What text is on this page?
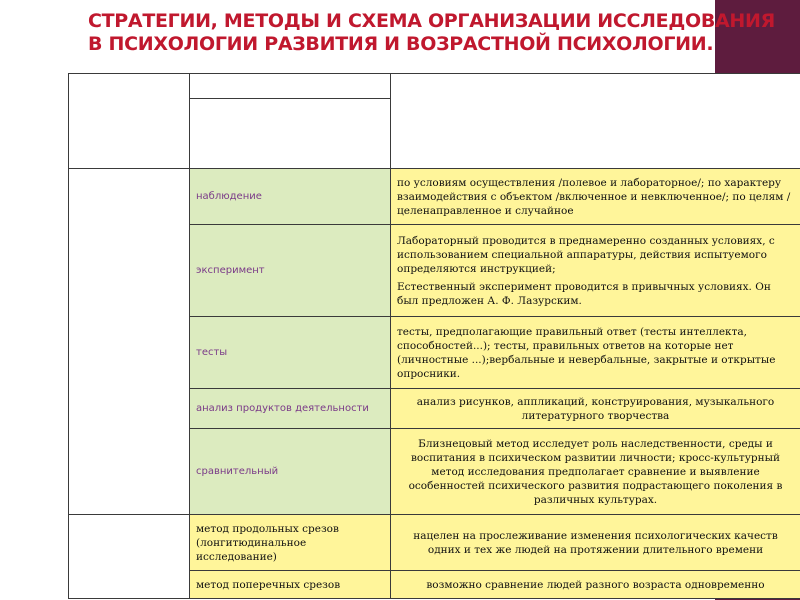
СТРАТЕГИИ, МЕТОДЫ И СХЕМА ОРГАНИЗАЦИИ ИССЛЕДОВАНИЯ В ПСИХОЛОГИИ РАЗВИТИЯ И ВОЗРАСТНОЙ ПСИХОЛОГИИ.

	наблюдение	по условиям осуществления /полевое и лабораторное/; по характеру взаимодействия с объектом /включенное и невключенное/; по целям /целенаправленное и случайное
	эксперимент	Лабораторный проводится в преднамеренно созданных условиях, с использованием специальной аппаратуры, действия испытуемого определяются инструкцией;
Естественный эксперимент проводится в привычных условиях. Он был предложен А. Ф. Лазурским.

	тесты	тесты, предполагающие правильный ответ (тесты интеллекта, способностей...); тесты, правильных ответов на которые нет (личностные ...);вербальные и невербальные, закрытые и открытые опросники.
	анализ продуктов деятельности	анализ рисунков, аппликаций, конструирования, музыкального литературного творчества
	сравнительный	Близнецовый метод исследует роль наследственности, среды и воспитания в психическом развитии личности; кросс-культурный метод исследования предполагает сравнение и выявление особенностей психического развития подрастающего поколения в различных культурах.
	метод продольных срезов (лонгитюдинальное исследование)	нацелен на прослеживание изменения психологических качеств одних и тех же людей на протяжении длительного времени
	метод поперечных срезов	возможно сравнение людей разного возраста одновременно
